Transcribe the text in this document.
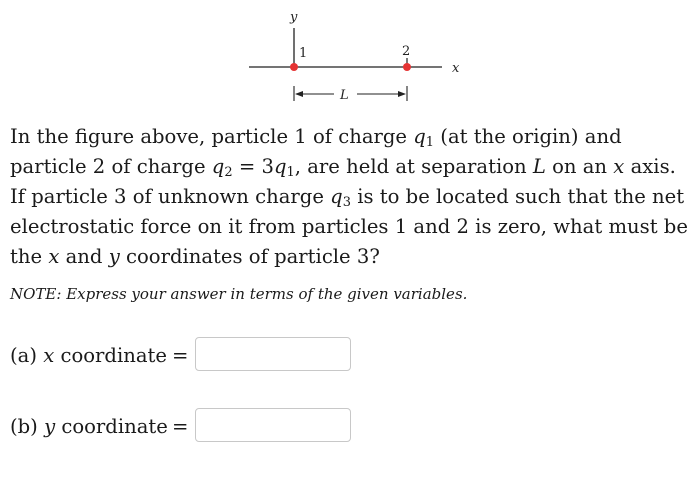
y
x
1	2
L

In the figure above, particle 1 of charge $q_1$ (at the origin) and particle 2 of charge $q_2 = 3q_1$, are held at separation L on an x axis. If particle 3 of unknown charge $q_3$ is to be located such that the net electrostatic force on it from particles 1 and 2 is zero, what must be the x and y coordinates of particle 3?

NOTE: Express your answer in terms of the given variables.

(a) x coordinate =
(b) y coordinate =
